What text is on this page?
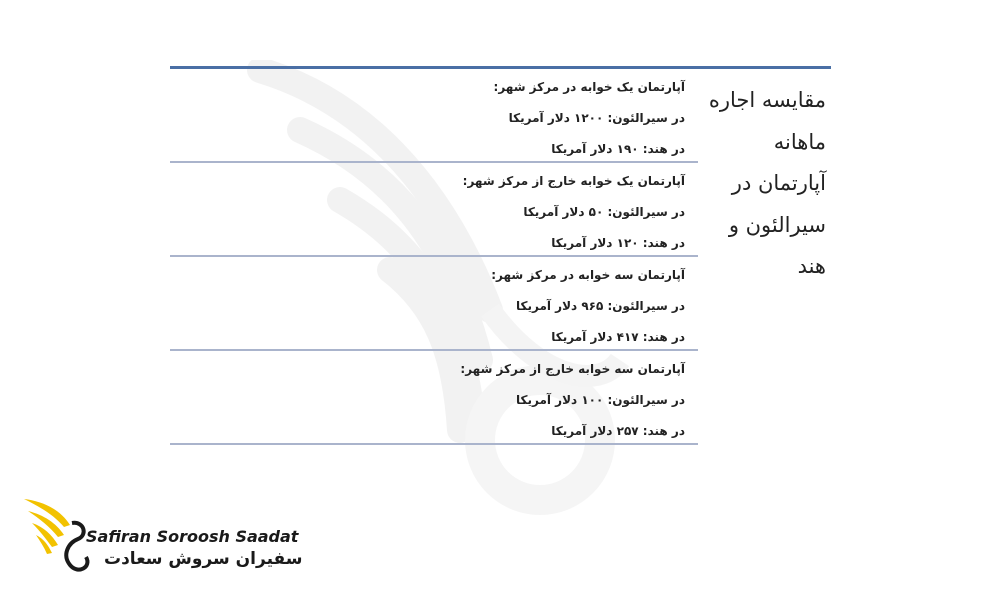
مقایسه اجاره ماهانه آپارتمان در سیرالئون و هند
آپارتمان یک خوابه در مرکز شهر:
در سیرالئون: ۱۲۰۰ دلار آمریکا
در هند: ۱۹۰ دلار آمریکا
آپارتمان یک خوابه خارج از مرکز شهر:
در سیرالئون: ۵۰ دلار آمریکا
در هند: ۱۲۰ دلار آمریکا
آپارتمان سه خوابه در مرکز شهر:
در سیرالئون: ۹۶۵ دلار آمریکا
در هند: ۴۱۷ دلار آمریکا
آپارتمان سه خوابه خارج از مرکز شهر:
در سیرالئون: ۱۰۰ دلار آمریکا
در هند: ۲۵۷ دلار آمریکا
Safiran Soroosh Saadat
سفیران سروش سعادت
